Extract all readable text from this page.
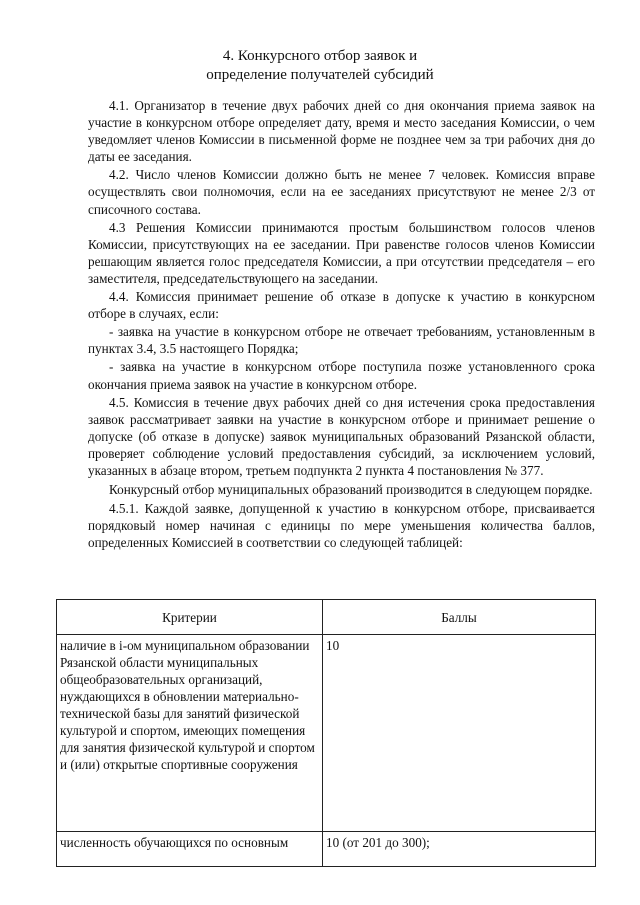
4. Конкурсного отбор заявок и
определение получателей субсидий

4.1. Организатор в течение двух рабочих дней со дня окончания приема заявок на участие в конкурсном отборе определяет дату, время и место заседания Комиссии, о чем уведомляет членов Комиссии в письменной форме не позднее чем за три рабочих дня до даты ее заседания.

4.2. Число членов Комиссии должно быть не менее 7 человек. Комиссия вправе осуществлять свои полномочия, если на ее заседаниях присутствуют не менее 2/3 от списочного состава.

4.3 Решения Комиссии принимаются простым большинством голосов членов Комиссии, присутствующих на ее заседании. При равенстве голосов членов Комиссии решающим является голос председателя Комиссии, а при отсутствии председателя – его заместителя, председательствующего на заседании.

4.4. Комиссия принимает решение об отказе в допуске к участию в конкурсном отборе в случаях, если:

- заявка на участие в конкурсном отборе не отвечает требованиям, установленным в пунктах 3.4, 3.5 настоящего Порядка;

- заявка на участие в конкурсном отборе поступила позже установленного срока окончания приема заявок на участие в конкурсном отборе.

4.5. Комиссия в течение двух рабочих дней со дня истечения срока предоставления заявок рассматривает заявки на участие в конкурсном отборе и принимает решение о допуске (об отказе в допуске) заявок муниципальных образований Рязанской области, проверяет соблюдение условий предоставления субсидий, за исключением условий, указанных в абзаце втором, третьем подпункта 2 пункта 4 постановления № 377.

Конкурсный отбор муниципальных образований производится в следующем порядке.

4.5.1. Каждой заявке, допущенной к участию в конкурсном отборе, присваивается порядковый номер начиная с единицы по мере уменьшения количества баллов, определенных Комиссией в соответствии со следующей таблицей:

Критерии	Баллы
наличие в i-ом муниципальном образовании Рязанской области муниципальных общеобразовательных организаций, нуждающихся в обновлении материально-технической базы для занятий физической культурой и спортом, имеющих помещения для занятия физической культурой и спортом и (или) открытые спортивные сооружения	10
численность обучающихся по основным	10 (от 201 до 300);
